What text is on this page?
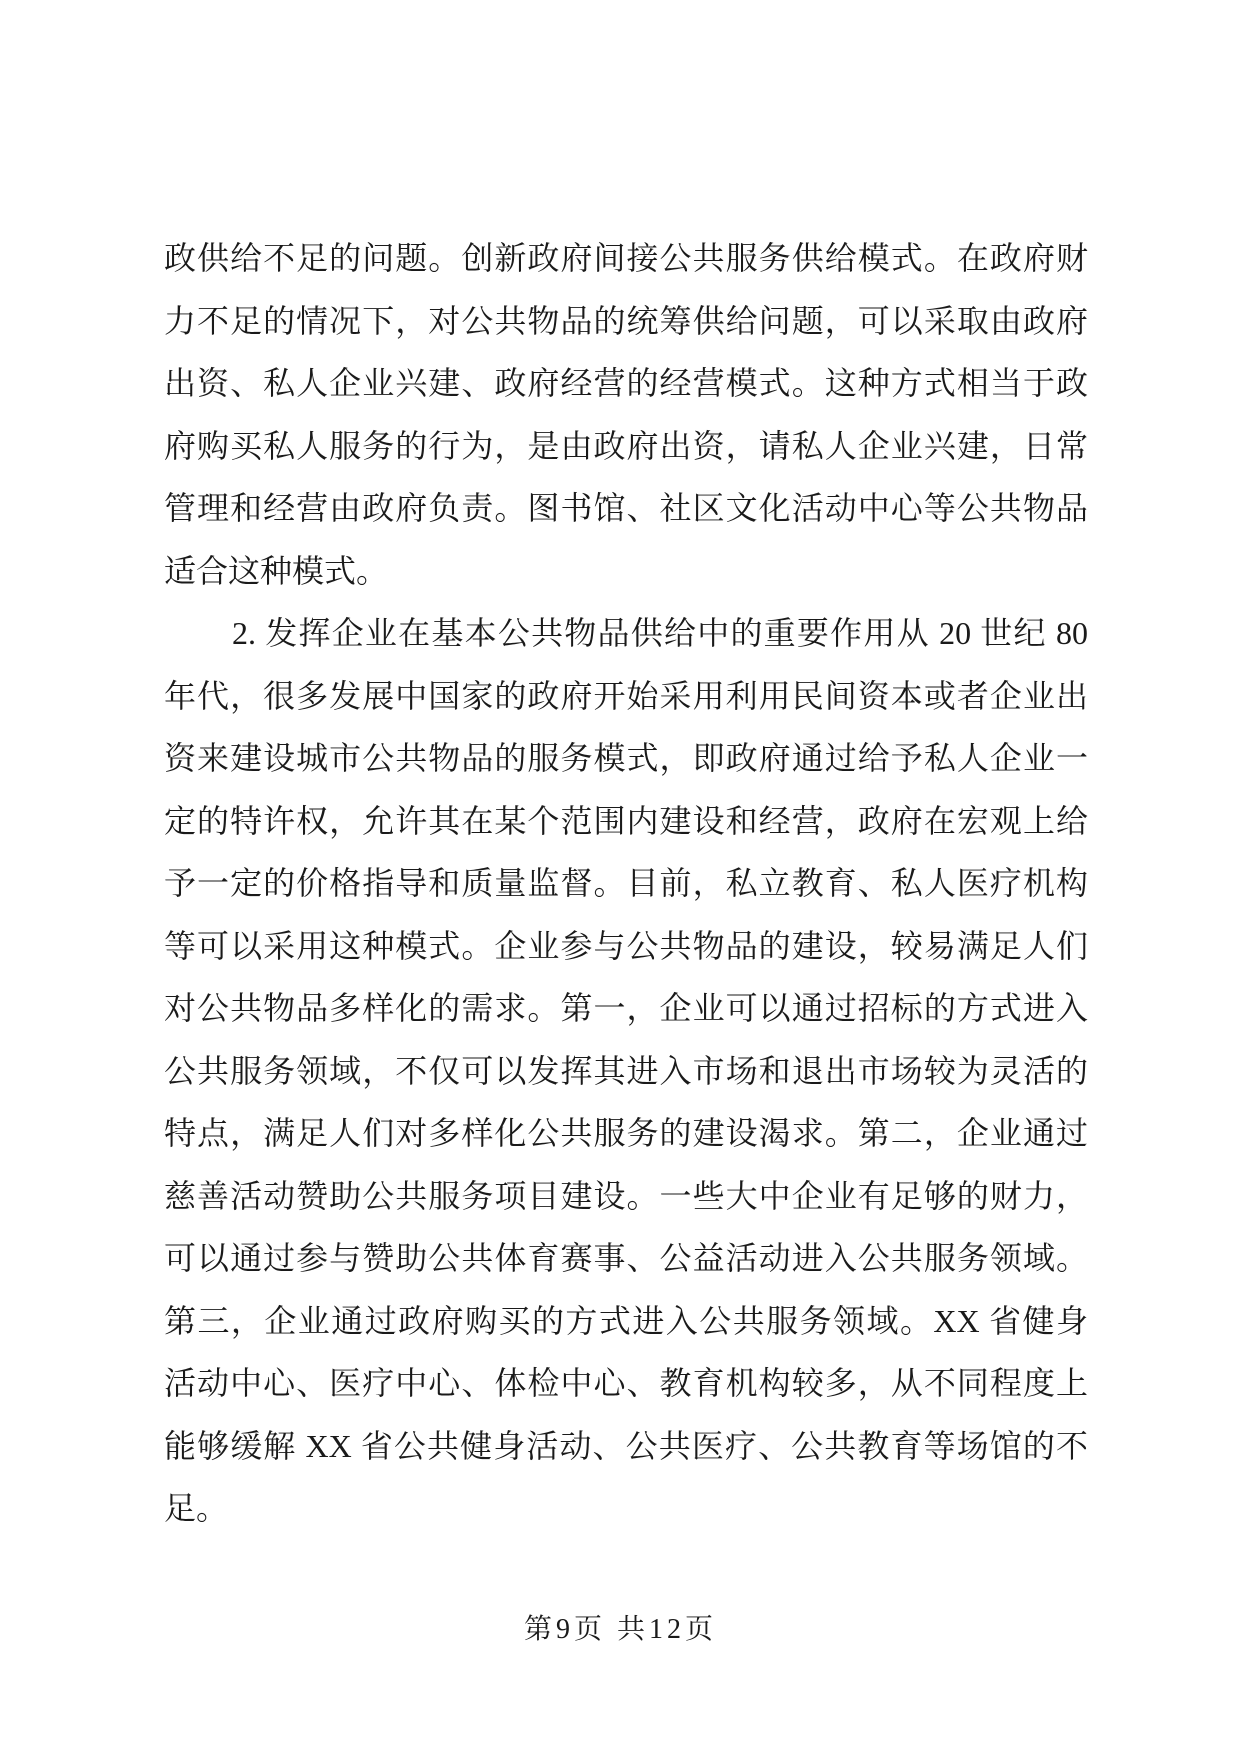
政供给不足的问题。创新政府间接公共服务供给模式。在政府财
力不足的情况下，对公共物品的统筹供给问题，可以采取由政府
出资、私人企业兴建、政府经营的经营模式。这种方式相当于政
府购买私人服务的行为，是由政府出资，请私人企业兴建，日常
管理和经营由政府负责。图书馆、社区文化活动中心等公共物品
适合这种模式。
2. 发挥企业在基本公共物品供给中的重要作用从 20 世纪 80
年代，很多发展中国家的政府开始采用利用民间资本或者企业出
资来建设城市公共物品的服务模式，即政府通过给予私人企业一
定的特许权，允许其在某个范围内建设和经营，政府在宏观上给
予一定的价格指导和质量监督。目前，私立教育、私人医疗机构
等可以采用这种模式。企业参与公共物品的建设，较易满足人们
对公共物品多样化的需求。第一，企业可以通过招标的方式进入
公共服务领域，不仅可以发挥其进入市场和退出市场较为灵活的
特点，满足人们对多样化公共服务的建设渴求。第二，企业通过
慈善活动赞助公共服务项目建设。一些大中企业有足够的财力，
可以通过参与赞助公共体育赛事、公益活动进入公共服务领域。
第三，企业通过政府购买的方式进入公共服务领域。XX 省健身
活动中心、医疗中心、体检中心、教育机构较多，从不同程度上
能够缓解 XX 省公共健身活动、公共医疗、公共教育等场馆的不
足。
第9页 共12页
